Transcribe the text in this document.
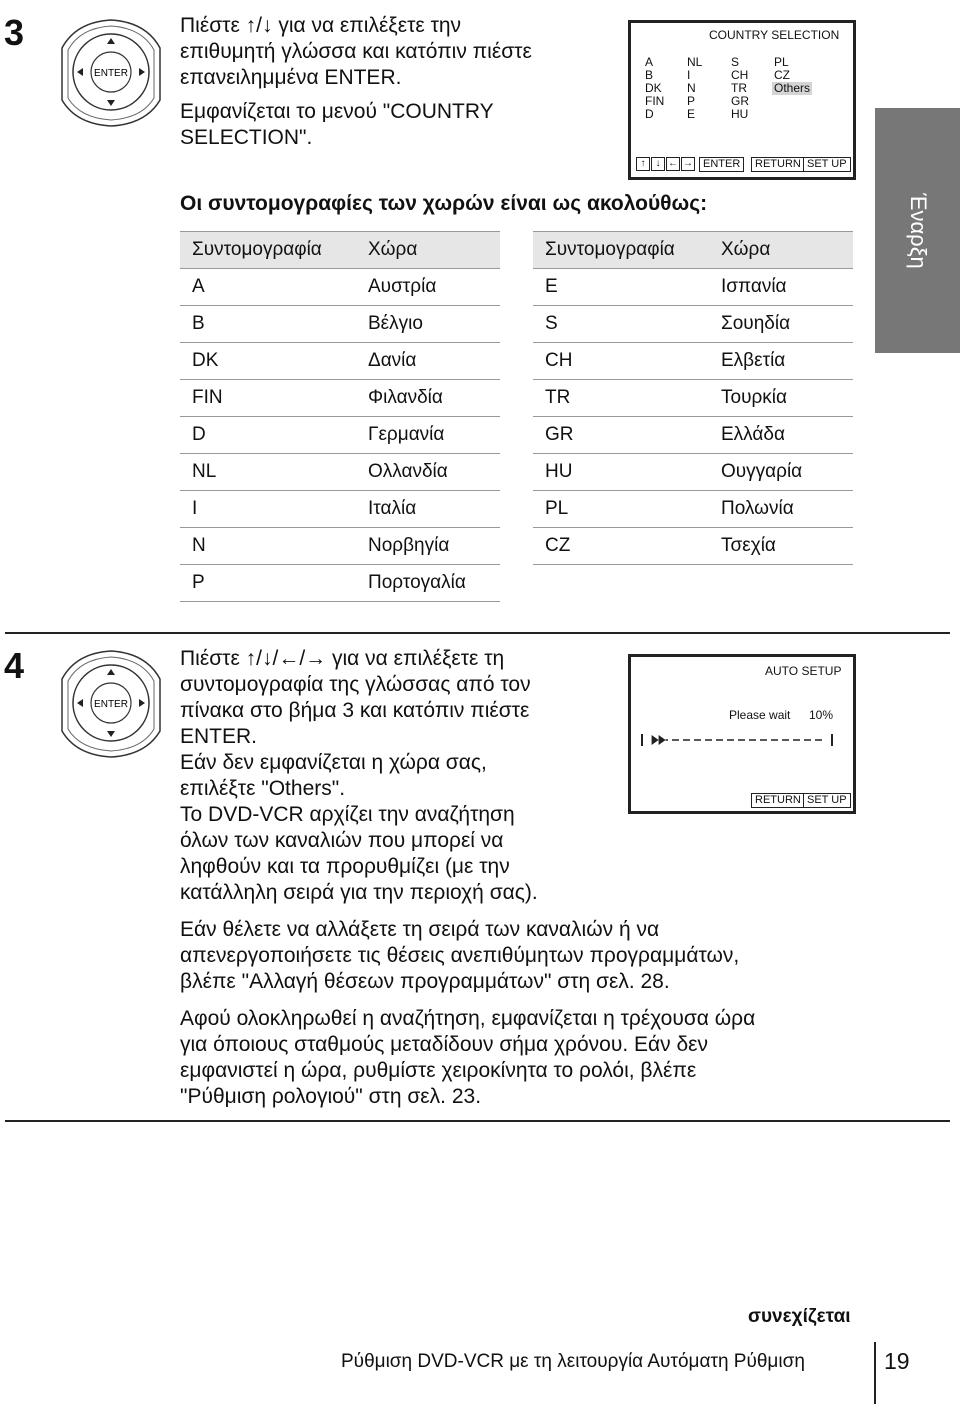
3
ENTER

Πιέστε ↑/↓ για να επιλέξετε την

επιθυμητή γλώσσα και κατόπιν πιέστε

επανειλημμένα ENTER.

Εμφανίζεται το μενού "COUNTRY

SELECTION".

COUNTRY SELECTION
A
B
DK
FIN
D
NL
I
N
P
E
S
CH
TR
GR
HU
PL
CZ
Others
↑	↓ ← → ENTER	RETURN SET UP
Έναρξη
Οι συντομογραφίες των χωρών είναι ως ακολούθως:
Συντομογραφία	Χώρα
A	Αυστρία
B	Βέλγιο
DK	Δανία
FIN	Φιλανδία
D	Γερμανία
NL	Ολλανδία
I	Ιταλία
N	Νορβηγία
P	Πορτογαλία
Συντομογραφία	Χώρα
E	Ισπανία
S	Σουηδία
CH	Ελβετία
TR	Τουρκία
GR	Ελλάδα
HU	Ουγγαρία
PL	Πολωνία
CZ	Τσεχία
4
ENTER

Πιέστε ↑/↓/←/→ για να επιλέξετε τη

συντομογραφία της γλώσσας από τον

πίνακα στο βήμα 3 και κατόπιν πιέστε

ENTER.

Εάν δεν εμφανίζεται η χώρα σας,

επιλέξτε "Others".

Το DVD-VCR αρχίζει την αναζήτηση

όλων των καναλιών που μπορεί να

ληφθούν και τα προρυθμίζει (με την

κατάλληλη σειρά για την περιοχή σας).

AUTO SETUP
Please wait 10%
RETURN SET UP

Εάν θέλετε να αλλάξετε τη σειρά των καναλιών ή να

απενεργοποιήσετε τις θέσεις ανεπιθύμητων προγραμμάτων,

βλέπε "Αλλαγή θέσεων προγραμμάτων" στη σελ. 28.

Αφού ολοκληρωθεί η αναζήτηση, εμφανίζεται η τρέχουσα ώρα

για όποιους σταθμούς μεταδίδουν σήμα χρόνου. Εάν δεν

εμφανιστεί η ώρα, ρυθμίστε χειροκίνητα το ρολόι, βλέπε

"Ρύθμιση ρολογιού" στη σελ. 23.

συνεχίζεται
Ρύθμιση DVD-VCR με τη λειτουργία Αυτόματη Ρύθμιση	19
